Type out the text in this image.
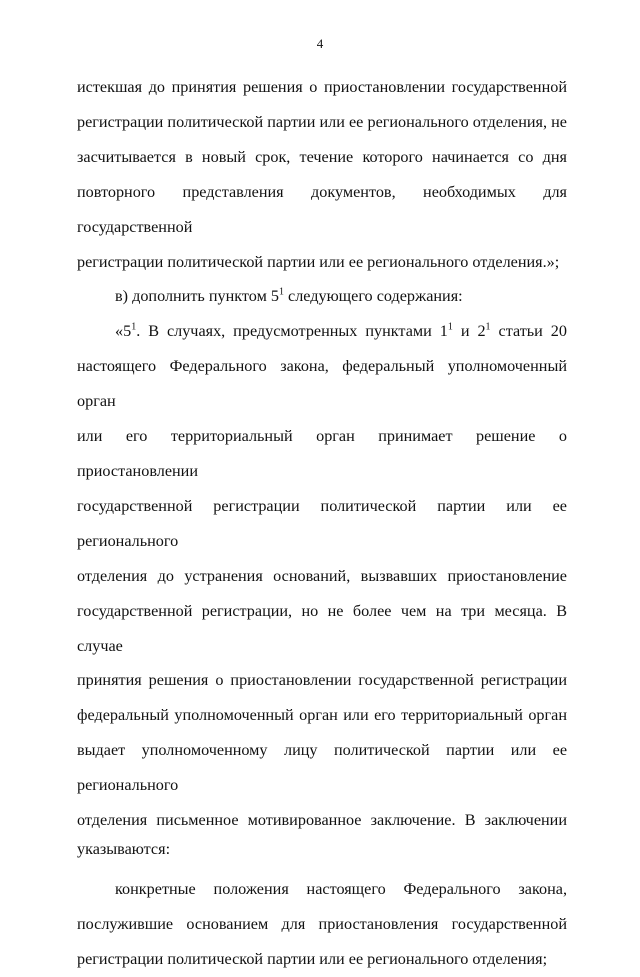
4
истекшая до принятия решения о приостановлении государственной
регистрации политической партии или ее регионального отделения, не
засчитывается в новый срок, течение которого начинается со дня
повторного представления документов, необходимых для государственной
регистрации политической партии или ее регионального отделения.»;
в) дополнить пунктом $5^1$ следующего содержания:
«$5^1$. В случаях, предусмотренных пунктами $1^1$ и $2^1$ статьи 20
настоящего Федерального закона, федеральный уполномоченный орган
или его территориальный орган принимает решение о приостановлении
государственной регистрации политической партии или ее регионального
отделения до устранения оснований, вызвавших приостановление
государственной регистрации, но не более чем на три месяца. В случае
принятия решения о приостановлении государственной регистрации
федеральный уполномоченный орган или его территориальный орган
выдает уполномоченному лицу политической партии или ее регионального
отделения письменное мотивированное заключение. В заключении
указываются:
конкретные положения настоящего Федерального закона,
послужившие основанием для приостановления государственной
регистрации политической партии или ее регионального отделения;
